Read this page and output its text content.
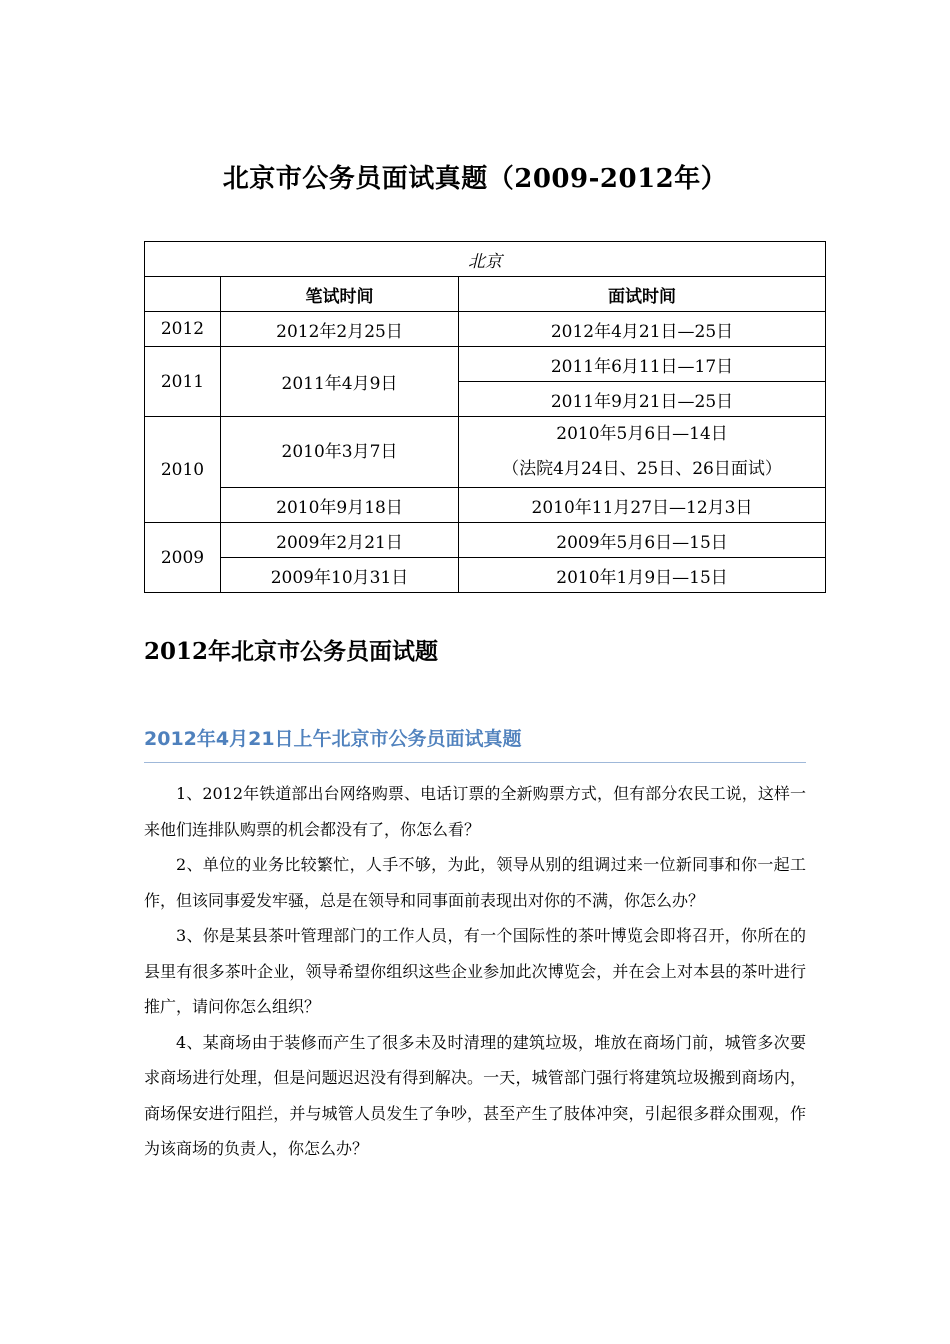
北京市公务员面试真题（2009-2012年）
北京		
	笔试时间	面试时间
2012	2012年2月25日	2012年4月21日—25日
2011	2011年4月9日	2011年6月11日—17日
		2011年9月21日—25日
2010	2010年3月7日	2010年5月6日—14日
（法院4月24日、25日、26日面试）

	2010年9月18日	2010年11月27日—12月3日
2009	2009年2月21日	2009年5月6日—15日
	2009年10月31日	2010年1月9日—15日
2012年北京市公务员面试题
2012年4月21日上午北京市公务员面试真题

1、2012年铁道部出台网络购票、电话订票的全新购票方式，但有部分农民工说，这样一来他们连排队购票的机会都没有了，你怎么看？

2、单位的业务比较繁忙，人手不够，为此，领导从别的组调过来一位新同事和你一起工作，但该同事爱发牢骚，总是在领导和同事面前表现出对你的不满，你怎么办？

3、你是某县茶叶管理部门的工作人员，有一个国际性的茶叶博览会即将召开，你所在的县里有很多茶叶企业，领导希望你组织这些企业参加此次博览会，并在会上对本县的茶叶进行推广，请问你怎么组织？

4、某商场由于装修而产生了很多未及时清理的建筑垃圾，堆放在商场门前，城管多次要求商场进行处理，但是问题迟迟没有得到解决。一天，城管部门强行将建筑垃圾搬到商场内，商场保安进行阻拦，并与城管人员发生了争吵，甚至产生了肢体冲突，引起很多群众围观，作为该商场的负责人，你怎么办？
